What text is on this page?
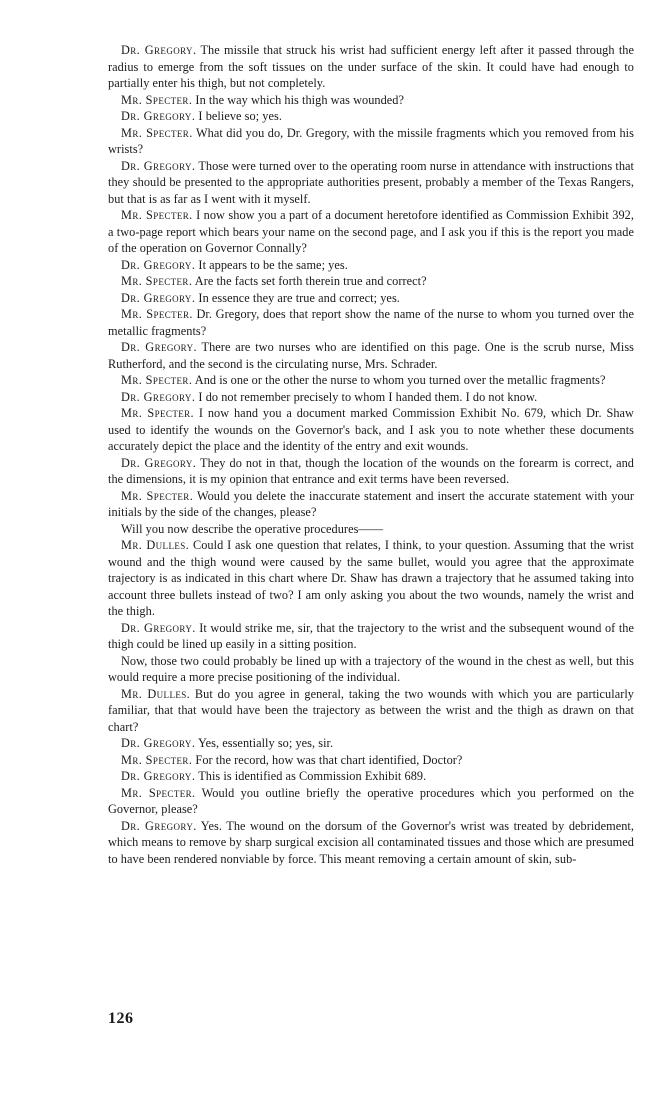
Dr. Gregory. The missile that struck his wrist had sufficient energy left after it passed through the radius to emerge from the soft tissues on the under surface of the skin. It could have had enough to partially enter his thigh, but not completely.

Mr. Specter. In the way which his thigh was wounded?

Dr. Gregory. I believe so; yes.

Mr. Specter. What did you do, Dr. Gregory, with the missile fragments which you removed from his wrists?

Dr. Gregory. Those were turned over to the operating room nurse in attendance with instructions that they should be presented to the appropriate authorities present, probably a member of the Texas Rangers, but that is as far as I went with it myself.

Mr. Specter. I now show you a part of a document heretofore identified as Commission Exhibit 392, a two-page report which bears your name on the second page, and I ask you if this is the report you made of the operation on Governor Connally?

Dr. Gregory. It appears to be the same; yes.

Mr. Specter. Are the facts set forth therein true and correct?

Dr. Gregory. In essence they are true and correct; yes.

Mr. Specter. Dr. Gregory, does that report show the name of the nurse to whom you turned over the metallic fragments?

Dr. Gregory. There are two nurses who are identified on this page. One is the scrub nurse, Miss Rutherford, and the second is the circulating nurse, Mrs. Schrader.

Mr. Specter. And is one or the other the nurse to whom you turned over the metallic fragments?

Dr. Gregory. I do not remember precisely to whom I handed them. I do not know.

Mr. Specter. I now hand you a document marked Commission Exhibit No. 679, which Dr. Shaw used to identify the wounds on the Governor's back, and I ask you to note whether these documents accurately depict the place and the identity of the entry and exit wounds.

Dr. Gregory. They do not in that, though the location of the wounds on the forearm is correct, and the dimensions, it is my opinion that entrance and exit terms have been reversed.

Mr. Specter. Would you delete the inaccurate statement and insert the accurate statement with your initials by the side of the changes, please?

Will you now describe the operative procedures——

Mr. Dulles. Could I ask one question that relates, I think, to your question. Assuming that the wrist wound and the thigh wound were caused by the same bullet, would you agree that the approximate trajectory is as indicated in this chart where Dr. Shaw has drawn a trajectory that he assumed taking into account three bullets instead of two? I am only asking you about the two wounds, namely the wrist and the thigh.

Dr. Gregory. It would strike me, sir, that the trajectory to the wrist and the subsequent wound of the thigh could be lined up easily in a sitting position.

Now, those two could probably be lined up with a trajectory of the wound in the chest as well, but this would require a more precise positioning of the individual.

Mr. Dulles. But do you agree in general, taking the two wounds with which you are particularly familiar, that that would have been the trajectory as between the wrist and the thigh as drawn on that chart?

Dr. Gregory. Yes, essentially so; yes, sir.

Mr. Specter. For the record, how was that chart identified, Doctor?

Dr. Gregory. This is identified as Commission Exhibit 689.

Mr. Specter. Would you outline briefly the operative procedures which you performed on the Governor, please?

Dr. Gregory. Yes. The wound on the dorsum of the Governor's wrist was treated by debridement, which means to remove by sharp surgical excision all contaminated tissues and those which are presumed to have been rendered nonviable by force. This meant removing a certain amount of skin, sub-

126
